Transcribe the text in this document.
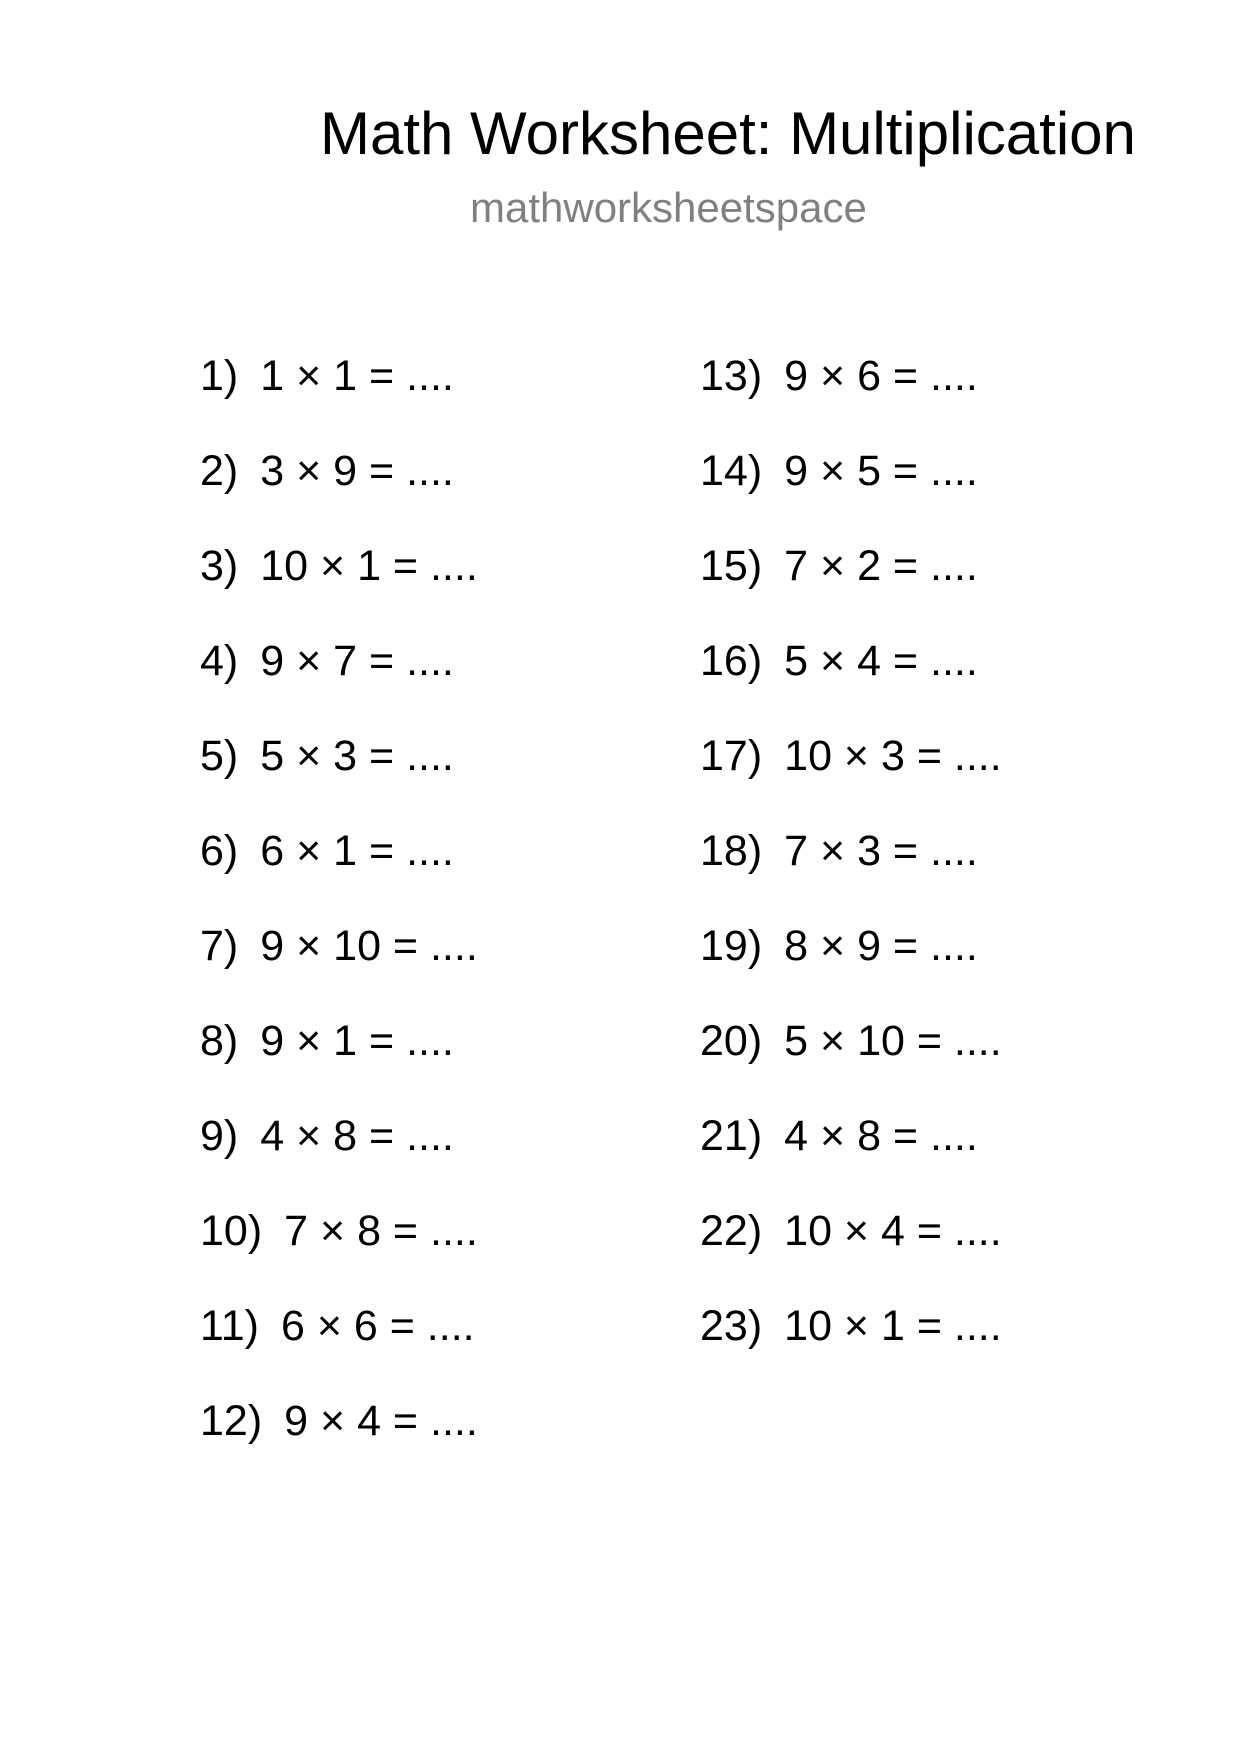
Math Worksheet: Multiplication
mathworksheetspace
1) 1 × 1 = ....
2) 3 × 9 = ....
3) 10 × 1 = ....
4) 9 × 7 = ....
5) 5 × 3 = ....
6) 6 × 1 = ....
7) 9 × 10 = ....
8) 9 × 1 = ....
9) 4 × 8 = ....
10) 7 × 8 = ....
11) 6 × 6 = ....
12) 9 × 4 = ....
13) 9 × 6 = ....
14) 9 × 5 = ....
15) 7 × 2 = ....
16) 5 × 4 = ....
17) 10 × 3 = ....
18) 7 × 3 = ....
19) 8 × 9 = ....
20) 5 × 10 = ....
21) 4 × 8 = ....
22) 10 × 4 = ....
23) 10 × 1 = ....
